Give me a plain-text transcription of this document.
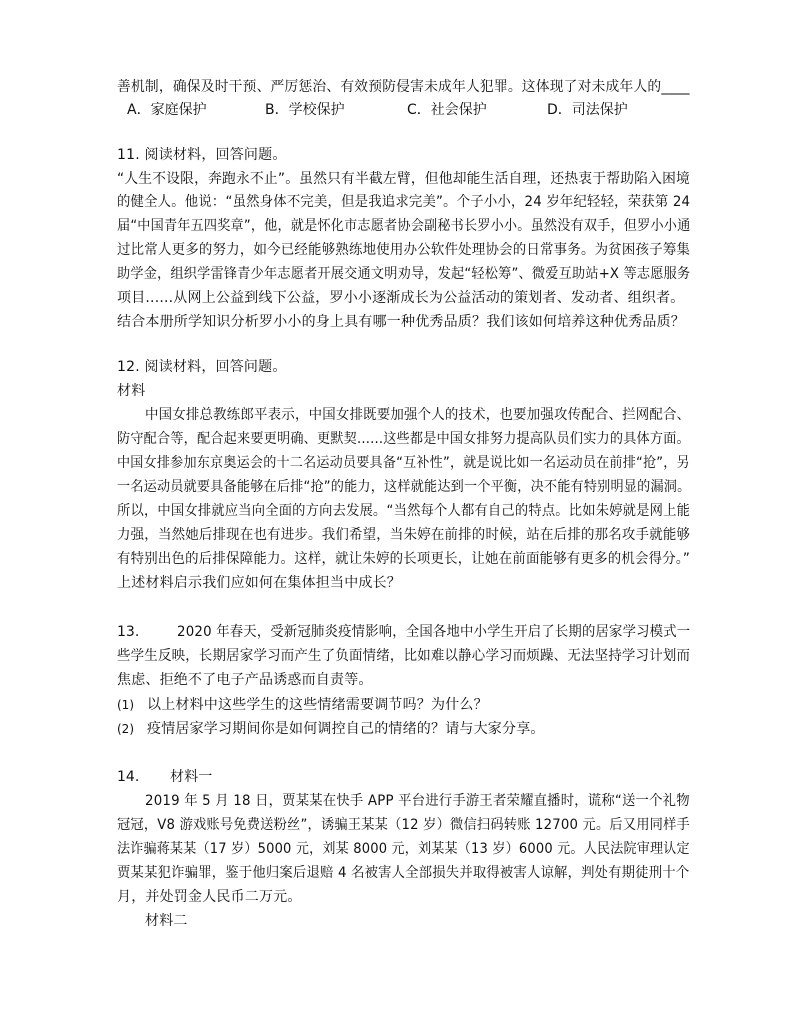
善机制，确保及时干预、严厉惩治、有效预防侵害未成年人犯罪。这体现了对未成年人的____
A．家庭保护	B．学校保护	C．社会保护	D．司法保护
11. 阅读材料，回答问题。
“人生不设限，奔跑永不止”。虽然只有半截左臂，但他却能生活自理，还热衷于帮助陷入困境
的健全人。他说：“虽然身体不完美，但是我追求完美”。个子小小，24 岁年纪轻轻，荣获第 24
届“中国青年五四奖章”，他，就是怀化市志愿者协会副秘书长罗小小。虽然没有双手，但罗小小通
过比常人更多的努力，如今已经能够熟练地使用办公软件处理协会的日常事务。为贫困孩子筹集
助学金，组织学雷锋青少年志愿者开展交通文明劝导，发起“轻松筹”、微爱互助站+X 等志愿服务
项目......从网上公益到线下公益，罗小小逐渐成长为公益活动的策划者、发动者、组织者。
结合本册所学知识分析罗小小的身上具有哪一种优秀品质？我们该如何培养这种优秀品质？
12. 阅读材料，回答问题。
材料
中国女排总教练郎平表示，中国女排既要加强个人的技术，也要加强攻传配合、拦网配合、
防守配合等，配合起来要更明确、更默契......这些都是中国女排努力提高队员们实力的具体方面。
中国女排参加东京奥运会的十二名运动员要具备“互补性”，就是说比如一名运动员在前排“抢”，另
一名运动员就要具备能够在后排“抢”的能力，这样就能达到一个平衡，决不能有特别明显的漏洞。
所以，中国女排就应当向全面的方向去发展。“当然每个人都有自己的特点。比如朱婷就是网上能
力强，当然她后排现在也有进步。我们希望，当朱婷在前排的时候，站在后排的那名攻手就能够
有特别出色的后排保障能力。这样，就让朱婷的长项更长，让她在前面能够有更多的机会得分。”
上述材料启示我们应如何在集体担当中成长？
13.	2020 年春天，受新冠肺炎疫情影响，全国各地中小学生开启了长期的居家学习模式一
些学生反映，长期居家学习而产生了负面情绪，比如难以静心学习而烦躁、无法坚持学习计划而
焦虑、拒绝不了电子产品诱惑而自责等。
(1) 以上材料中这些学生的这些情绪需要调节吗？为什么？
(2) 疫情居家学习期间你是如何调控自己的情绪的？请与大家分享。
14. 材料一
2019 年 5 月 18 日，贾某某在快手 APP 平台进行手游王者荣耀直播时，谎称“送一个礼物
冠冠，V8 游戏账号免费送粉丝”，诱骗王某某（12 岁）微信扫码转账 12700 元。后又用同样手
法诈骗蒋某某（17 岁）5000 元，刘某 8000 元，刘某某（13 岁）6000 元。人民法院审理认定
贾某某犯诈骗罪，鉴于他归案后退赔 4 名被害人全部损失并取得被害人谅解，判处有期徒刑十个
月，并处罚金人民币二万元。
材料二
